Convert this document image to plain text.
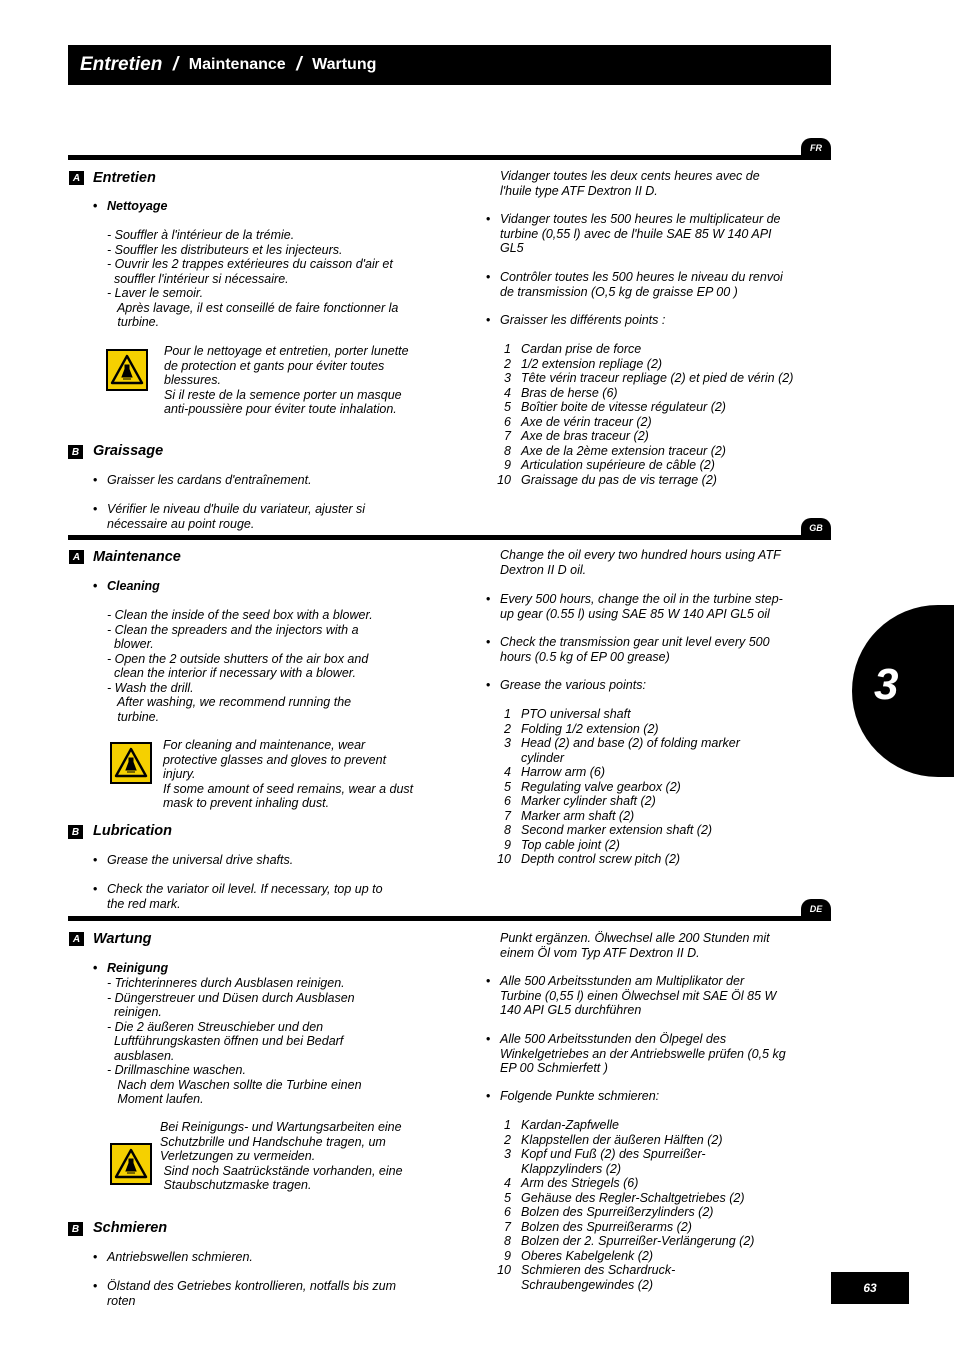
Entretien / Maintenance / Wartung
3
63
FR
A Entretien
• Nettoyage
- Souffler à l'intérieur de la trémie.
- Souffler les distributeurs et les injecteurs.
- Ouvrir les 2 trappes extérieures du caisson d'air et
souffler l'intérieur si nécessaire.
- Laver le semoir.
Après lavage, il est conseillé de faire fonctionner la
turbine.
Pour le nettoyage et entretien, porter lunette
de protection et gants pour éviter toutes
blessures.
Si il reste de la semence porter un masque
anti-poussière pour éviter toute inhalation.
B Graissage
• Graisser les cardans d'entraînement.
• Vérifier le niveau d'huile du variateur, ajuster si
nécessaire au point rouge.
Vidanger toutes les deux cents heures avec de
l'huile type ATF Dextron II D.
• Vidanger toutes les 500 heures le multiplicateur de
turbine (0,55 l) avec de l'huile SAE 85 W 140 API
GL5
• Contrôler toutes les 500 heures le niveau du renvoi
de transmission (O,5 kg de graisse EP 00 )
• Graisser les différents points :
1 Cardan prise de force
2 1/2 extension repliage (2)
3 Tête vérin traceur repliage (2) et pied de vérin (2)
4 Bras de herse (6)
5 Boîtier boite de vitesse régulateur (2)
6 Axe de vérin traceur (2)
7 Axe de bras traceur (2)
8 Axe de la 2ème extension traceur (2)
9 Articulation supérieure de câble (2)
10 Graissage du pas de vis terrage (2)
GB
A Maintenance
• Cleaning
- Clean the inside of the seed box with a blower.
- Clean the spreaders and the injectors with a
blower.
- Open the 2 outside shutters of the air box and
clean the interior if necessary with a blower.
- Wash the drill.
After washing, we recommend running the
turbine.
For cleaning and maintenance, wear
protective glasses and gloves to prevent
injury.
If some amount of seed remains, wear a dust
mask to prevent inhaling dust.
B Lubrication
• Grease the universal drive shafts.
• Check the variator oil level. If necessary, top up to
the red mark.
Change the oil every two hundred hours using ATF
Dextron II D oil.
• Every 500 hours, change the oil in the turbine step-
up gear (0.55 l) using SAE 85 W 140 API GL5 oil
• Check the transmission gear unit level every 500
hours (0.5 kg of EP 00 grease)
• Grease the various points:
1 PTO universal shaft
2 Folding 1/2 extension (2)
3 Head (2) and base (2) of folding marker
cylinder
4 Harrow arm (6)
5 Regulating valve gearbox (2)
6 Marker cylinder shaft (2)
7 Marker arm shaft (2)
8 Second marker extension shaft (2)
9 Top cable joint (2)
10 Depth control screw pitch (2)
DE
A Wartung
• Reinigung
- Trichterinneres durch Ausblasen reinigen.
- Düngerstreuer und Düsen durch Ausblasen
reinigen.
- Die 2 äußeren Streuschieber und den
Luftführungskasten öffnen und bei Bedarf
ausblasen.
- Drillmaschine waschen.
Nach dem Waschen sollte die Turbine einen
Moment laufen.
Bei Reinigungs- und Wartungsarbeiten eine
Schutzbrille und Handschuhe tragen, um
Verletzungen zu vermeiden.
Sind noch Saatrückstände vorhanden, eine
Staubschutzmaske tragen.
B Schmieren
• Antriebswellen schmieren.
• Ölstand des Getriebes kontrollieren, notfalls bis zum
roten
Punkt ergänzen. Ölwechsel alle 200 Stunden mit
einem Öl vom Typ ATF Dextron II D.
• Alle 500 Arbeitsstunden am Multiplikator der
Turbine (0,55 l) einen Ölwechsel mit SAE Öl 85 W
140 API GL5 durchführen
• Alle 500 Arbeitsstunden den Ölpegel des
Winkelgetriebes an der Antriebswelle prüfen (0,5 kg
EP 00 Schmierfett )
• Folgende Punkte schmieren:
1 Kardan-Zapfwelle
2 Klappstellen der äußeren Hälften (2)
3 Kopf und Fuß (2) des Spurreißer-
Klappzylinders (2)
4 Arm des Striegels (6)
5 Gehäuse des Regler-Schaltgetriebes (2)
6 Bolzen des Spurreißerzylinders (2)
7 Bolzen des Spurreißerarms (2)
8 Bolzen der 2. Spurreißer-Verlängerung (2)
9 Oberes Kabelgelenk (2)
10 Schmieren des Schardruck-
Schraubengewindes (2)
